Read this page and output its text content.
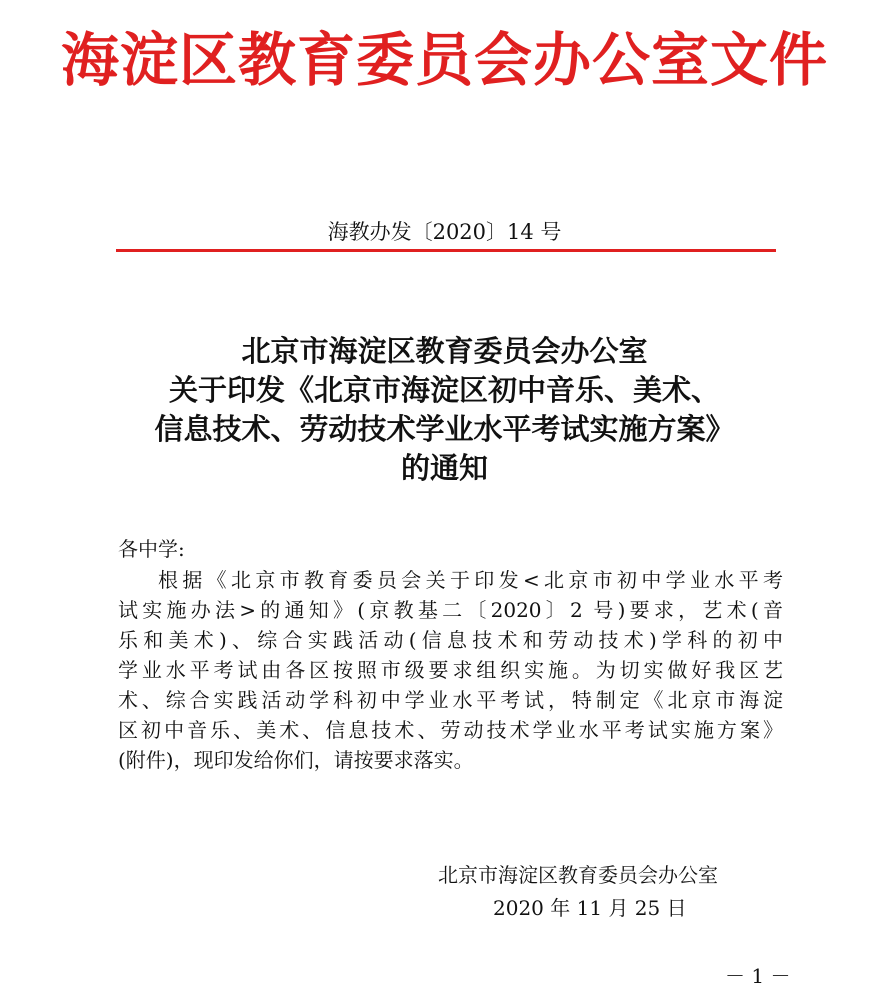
海淀区教育委员会办公室文件
海教办发〔2020〕14 号
北京市海淀区教育委员会办公室
关于印发《北京市海淀区初中音乐、美术、
信息技术、劳动技术学业水平考试实施方案》
的通知
各中学:
根据《北京市教育委员会关于印发<北京市初中学业水平考
试实施办法>的通知》(京教基二〔2020〕2 号)要求，艺术(音
乐和美术)、综合实践活动(信息技术和劳动技术)学科的初中
学业水平考试由各区按照市级要求组织实施。为切实做好我区艺
术、综合实践活动学科初中学业水平考试，特制定《北京市海淀
区初中音乐、美术、信息技术、劳动技术学业水平考试实施方案》
(附件)，现印发给你们，请按要求落实。
北京市海淀区教育委员会办公室
2020 年 11 月 25 日
－ 1 －
